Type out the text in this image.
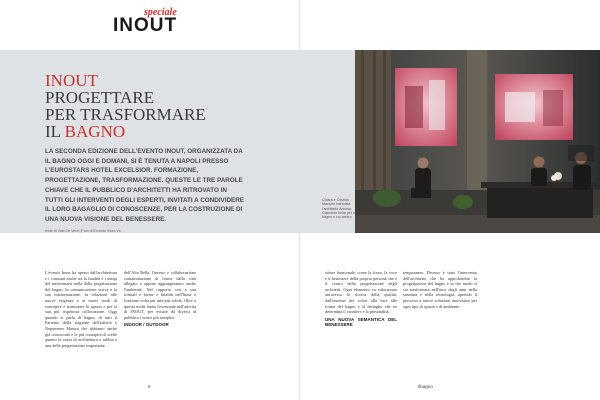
speciale
INOUT
INOUT
PROGETTARE
PER TRASFORMARE
IL BAGNO
LA SECONDA EDIZIONE DELL'EVENTO INOUT, ORGANIZZATA DA IL BAGNO OGGI E DOMANI, SI È TENUTA A NAPOLI PRESSO L'EUROSTARS HOTEL EXCELSIOR. FORMAZIONE, PROGETTAZIONE, TRASFORMAZIONE. QUESTE LE TRE PAROLE CHIAVE CHE IL PUBBLICO D'ARCHITETTI HA RITROVATO IN TUTTI GLI INTERVENTI DEGLI ESPERTI, INVITATI A CONDIVIDERE IL LORO BAGAGLIO DI CONOSCENZE, PER LA COSTRUZIONE DI UNA NUOVA VISIONE DEL BENESSERE.
Chiara e Cristina Maestro intervista l'architetto Antonia Giacomin nella per nel bagno e cui centro
testo di Vale De Vera | Foto di Ernesto Visco Vs
L'evento Inout ha aperto dall'architettura e i consumi anche tra la finalità e i tempi del trasformarsi nella dalla progettazione del bagno, la comunicazione visiva e la sua trasformazione, in relazione alle nuove esigenze e ai nuovi modi di concepire e strutturare lo spazio e per la sua più rispettosa collocazione. Oggi quando si parla di bagno, di tutti il Partenio della stagione dell'attività e Nepomeno Matura che abbiamo anche già conosciuto e le più consapevoli scelte quanto la cassa di architettura e sabbia e una delle progettazione importante.
dell'Alta Bella, l'intesto e collaborazione contaminazione di forme dalla città allegato e oppure aggiungeranno anche l'ambiente. Nel rapporto con a sua formati e forme e finalità nell'Inout e funzione volta per una più solida. Oltre a questo molti fanno l'eventuale nell'attività di INOUT, per evitare da diversi al pubblico i nostri più semplici.
INDOOR / OUTDOOR
stione funzionale, come la forza, la voce e il benessere della propria persona che è il centro della progettazione degli architetti. Ogni elemento va valorizzato attraverso la ricerca della qualità, dall'insieme dei colori alla luce alle forme del bagno e al dettaglio che ne determina il carattere e la personalità.
UNA NUOVA SEMANTICA DEL BENESSERE
temporaneo. Diverso è stato l'intervento dell'architetto che ha approfondito la progettazione del bagno e in che modo si sia trasformata nell'arco degli anni nella struttura e nella tecnologia, aprendo il percorso a nuove soluzioni innovative per ogni tipo di spazio e di ambiente.
6	Ilbagno
